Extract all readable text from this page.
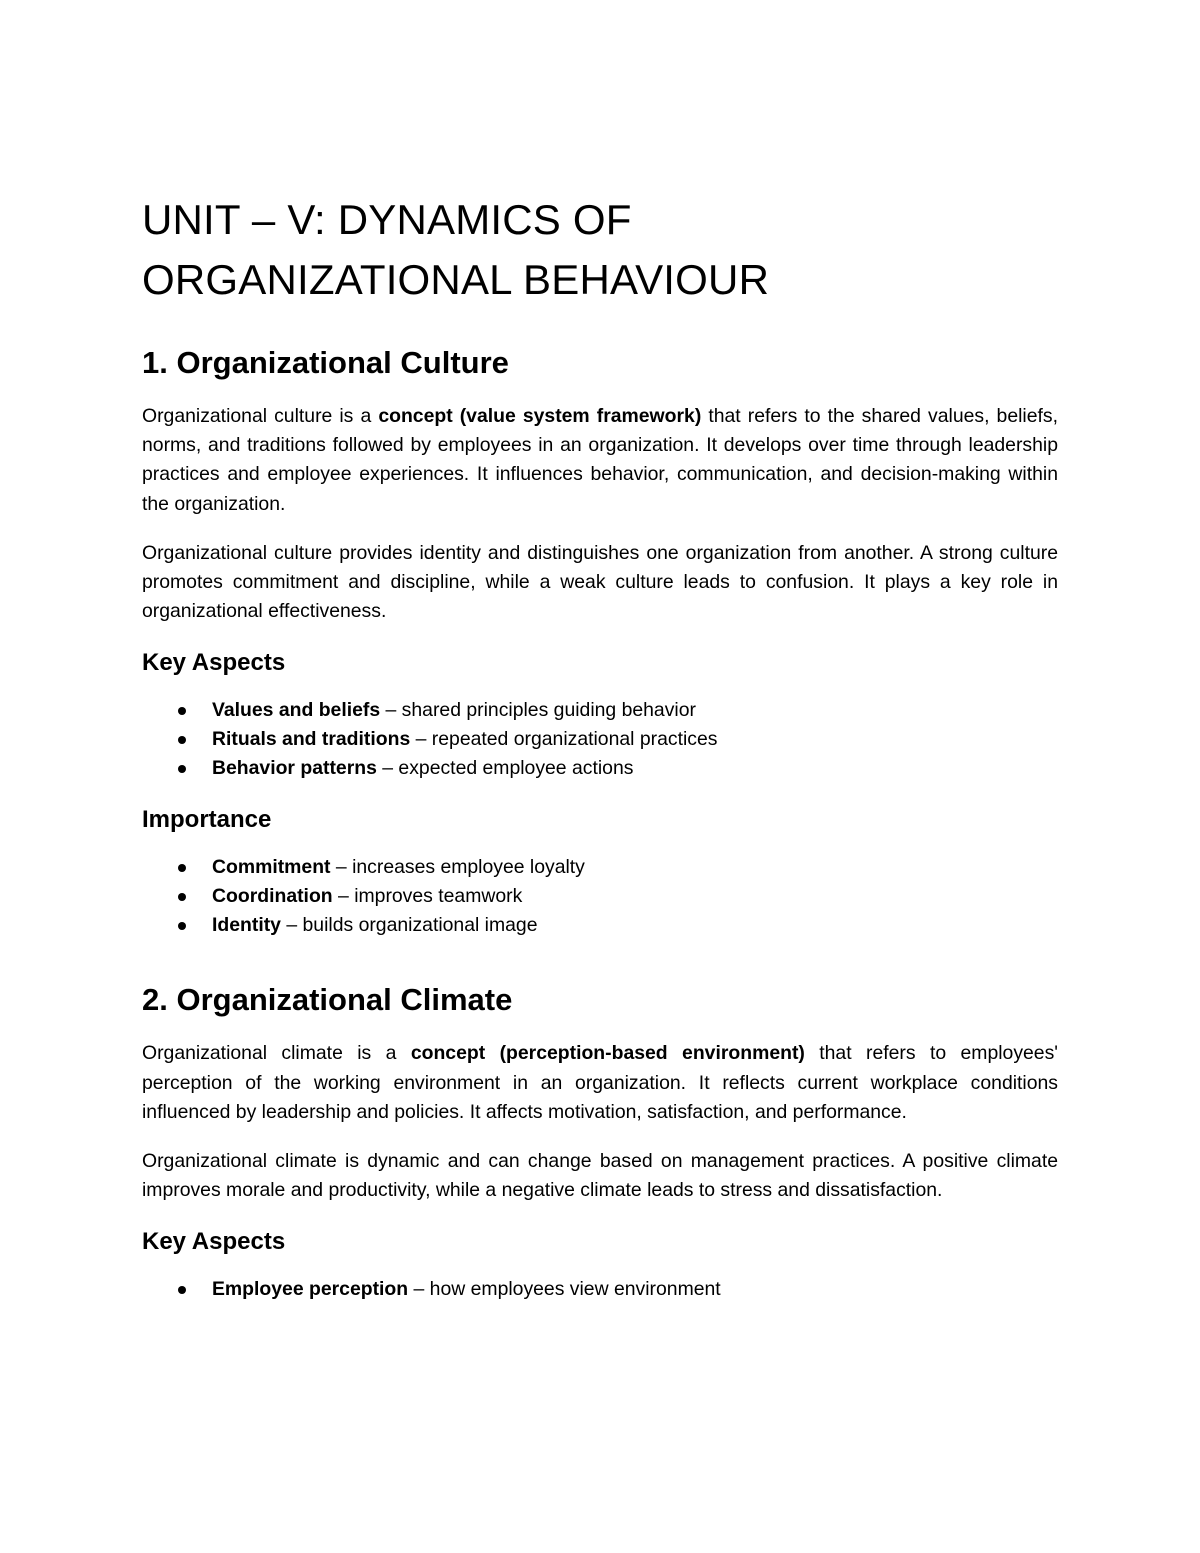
UNIT – V: DYNAMICS OF
ORGANIZATIONAL BEHAVIOUR
1. Organizational Culture

Organizational culture is a concept (value system framework) that refers to the shared values, beliefs, norms, and traditions followed by employees in an organization. It develops over time through leadership practices and employee experiences. It influences behavior, communication, and decision-making within the organization.

Organizational culture provides identity and distinguishes one organization from another. A strong culture promotes commitment and discipline, while a weak culture leads to confusion. It plays a key role in organizational effectiveness.

Key Aspects
Values and beliefs – shared principles guiding behavior
Rituals and traditions – repeated organizational practices
Behavior patterns – expected employee actions
Importance
Commitment – increases employee loyalty
Coordination – improves teamwork
Identity – builds organizational image
2. Organizational Climate

Organizational climate is a concept (perception-based environment) that refers to employees' perception of the working environment in an organization. It reflects current workplace conditions influenced by leadership and policies. It affects motivation, satisfaction, and performance.

Organizational climate is dynamic and can change based on management practices. A positive climate improves morale and productivity, while a negative climate leads to stress and dissatisfaction.

Key Aspects
Employee perception – how employees view environment
